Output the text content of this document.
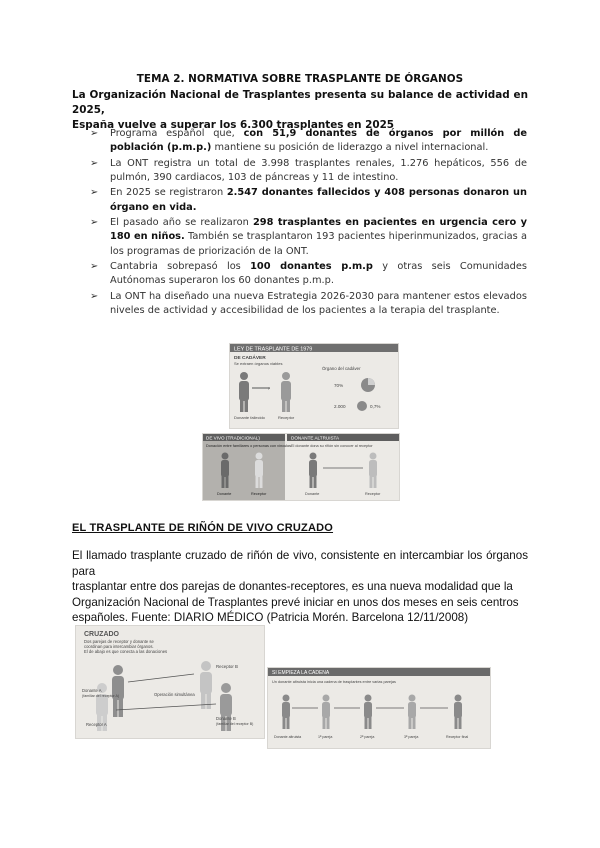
TEMA 2. NORMATIVA SOBRE TRASPLANTE DE ÓRGANOS

La Organización Nacional de Trasplantes presenta su balance de actividad en 2025,
España vuelve a superar los 6.300 trasplantes en 2025

➢ Programa español que, con 51,9 donantes de órganos por millón de población (p.m.p.) mantiene su posición de liderazgo a nivel internacional.
➢ La ONT registra un total de 3.998 trasplantes renales, 1.276 hepáticos, 556 de pulmón, 390 cardiacos, 103 de páncreas y 11 de intestino.
➢ En 2025 se registraron 2.547 donantes fallecidos y 408 personas donaron un órgano en vida.
➢ El pasado año se realizaron 298 trasplantes en pacientes en urgencia cero y 180 en niños. También se trasplantaron 193 pacientes hiperinmunizados, gracias a los programas de priorización de la ONT.
➢ Cantabria sobrepasó los 100 donantes p.m.p y otras seis Comunidades Autónomas superaron los 60 donantes p.m.p.
➢ La ONT ha diseñado una nueva Estrategia 2026-2030 para mantener estos elevados niveles de actividad y accesibilidad de los pacientes a la terapia del trasplante.
LEY DE TRASPLANTE DE 1979
DE CADÁVER
Se extraen órganos viables
Donante fallecido
›
Receptor
Órgano del cadáver
70%
2.000	0,7%
DE VIVO (TRADICIONAL)
Donación entre familiares o personas con vínculos
Donante	Receptor
DONANTE ALTRUISTA
El donante dona su riñón sin conocer al receptor
Donante	Receptor
EL TRASPLANTE DE RIÑÓN DE VIVO CRUZADO

El llamado trasplante cruzado de riñón de vivo, consistente en intercambiar los órganos para
trasplantar entre dos parejas de donantes-receptores, es una nueva modalidad que la
Organización Nacional de Trasplantes prevé iniciar en unos dos meses en seis centros
españoles. Fuente: DIARIO MÉDICO (Patricia Morén. Barcelona 12/11/2008)

CRUZADO
Dos parejas de receptor y donante se
coordinan para intercambiar órganos.
El de abajo es que conecta a las donaciones
Receptor B
Donante A
(familiar del receptor A)	Operación simultánea
Donante B
(familiar del receptor B)
Receptor A
SI EMPIEZA LA CADENA
Un donante altruista inicia una cadena de trasplantes entre varias parejas
Donante altruista	1ª pareja	2ª pareja	3ª pareja	Receptor final
